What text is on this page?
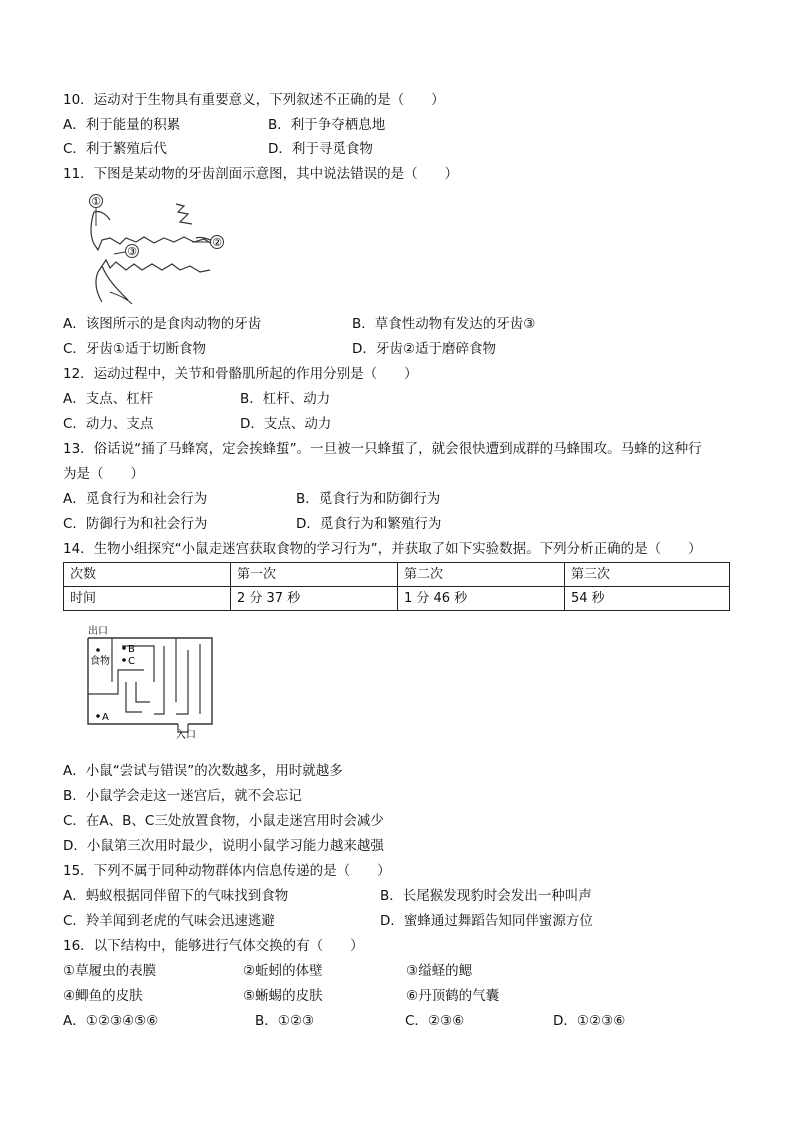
10．运动对于生物具有重要意义，下列叙述不正确的是（　　）
A．利于能量的积累	B．利于争夺栖息地
C．利于繁殖后代	D．利于寻觅食物
11．下图是某动物的牙齿剖面示意图，其中说法错误的是（　　）
①
②
③
A．该图所示的是食肉动物的牙齿	B．草食性动物有发达的牙齿③
C．牙齿①适于切断食物	D．牙齿②适于磨碎食物
12．运动过程中，关节和骨骼肌所起的作用分别是（　　）
A．支点、杠杆	B．杠杆、动力
C．动力、支点	D．支点、动力
13．俗话说“捅了马蜂窝，定会挨蜂蜇”。一旦被一只蜂蜇了，就会很快遭到成群的马蜂围攻。马蜂的这种行
为是（　　）
A．觅食行为和社会行为	B．觅食行为和防御行为
C．防御行为和社会行为	D．觅食行为和繁殖行为
14．生物小组探究“小鼠走迷宫获取食物的学习行为”，并获取了如下实验数据。下列分析正确的是（　　）
次数	第一次	第二次	第三次
时间	2 分 37 秒	1 分 46 秒	54 秒
出口
食物
B
C
A
入口
A．小鼠“尝试与错误”的次数越多，用时就越多
B．小鼠学会走这一迷宫后，就不会忘记
C．在A、B、C三处放置食物，小鼠走迷宫用时会减少
D．小鼠第三次用时最少，说明小鼠学习能力越来越强
15．下列不属于同种动物群体内信息传递的是（　　）
A．蚂蚁根据同伴留下的气味找到食物	B．长尾猴发现豹时会发出一种叫声
C．羚羊闻到老虎的气味会迅速逃避	D．蜜蜂通过舞蹈告知同伴蜜源方位
16．以下结构中，能够进行气体交换的有（　　）
①草履虫的表膜	②蚯蚓的体壁	③缢蛏的鳃
④鲫鱼的皮肤	⑤蜥蜴的皮肤	⑥丹顶鹤的气囊
A．①②③④⑤⑥	B．①②③	C．②③⑥	D．①②③⑥
